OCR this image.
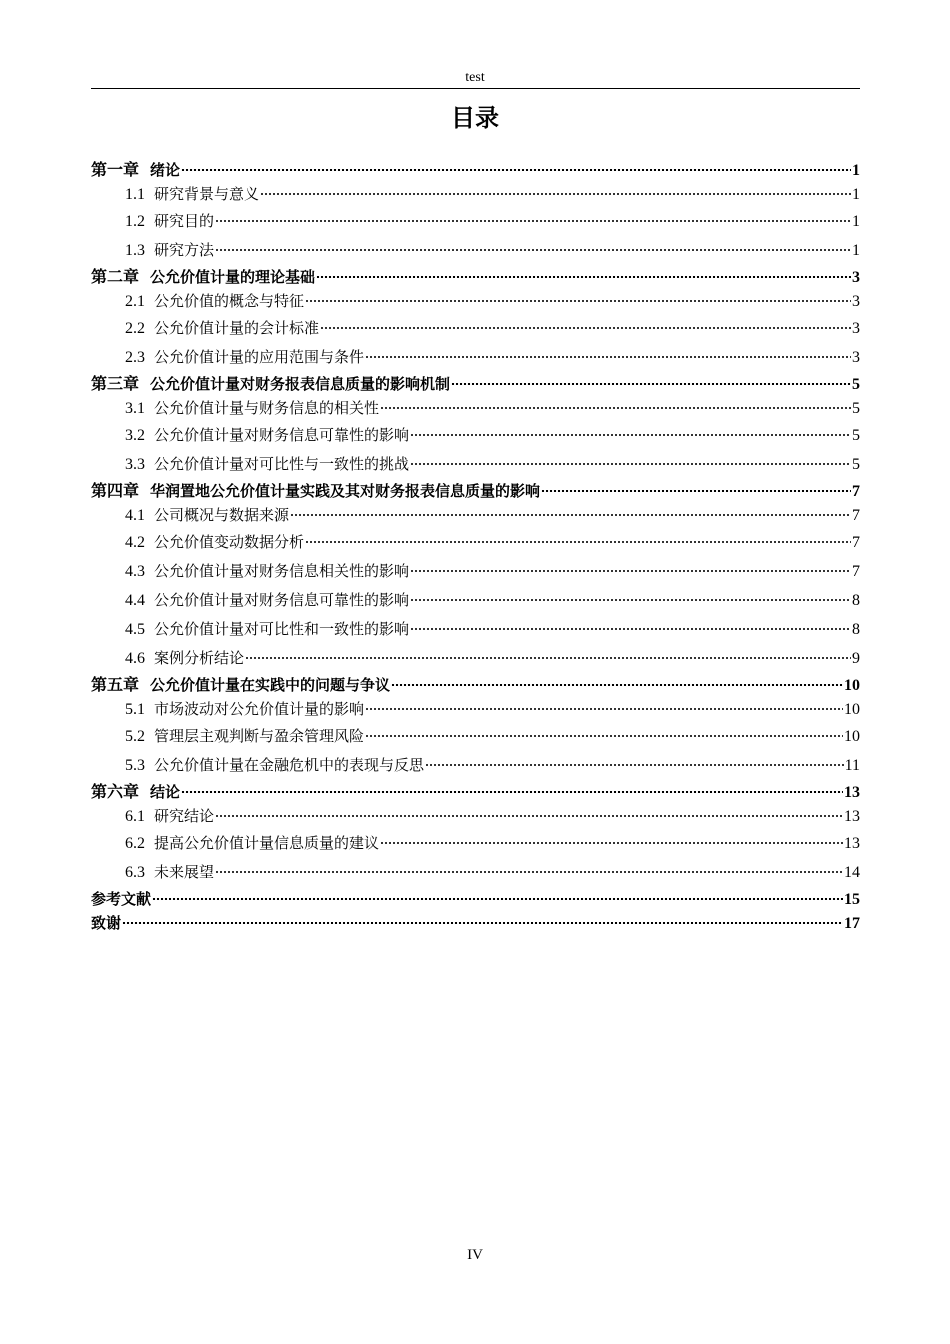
test
目录
第一章 绪论	1
1.1 研究背景与意义	1
1.2 研究目的	1
1.3 研究方法	1
第二章 公允价值计量的理论基础	3
2.1 公允价值的概念与特征	3
2.2 公允价值计量的会计标准	3
2.3 公允价值计量的应用范围与条件	3
第三章 公允价值计量对财务报表信息质量的影响机制	5
3.1 公允价值计量与财务信息的相关性	5
3.2 公允价值计量对财务信息可靠性的影响	5
3.3 公允价值计量对可比性与一致性的挑战	5
第四章 华润置地公允价值计量实践及其对财务报表信息质量的影响	7
4.1 公司概况与数据来源	7
4.2 公允价值变动数据分析	7
4.3 公允价值计量对财务信息相关性的影响	7
4.4 公允价值计量对财务信息可靠性的影响	8
4.5 公允价值计量对可比性和一致性的影响	8
4.6 案例分析结论	9
第五章 公允价值计量在实践中的问题与争议	10
5.1 市场波动对公允价值计量的影响	10
5.2 管理层主观判断与盈余管理风险	10
5.3 公允价值计量在金融危机中的表现与反思	11
第六章 结论	13
6.1 研究结论	13
6.2 提高公允价值计量信息质量的建议	13
6.3 未来展望	14
参考文献	15
致谢	17
IV
